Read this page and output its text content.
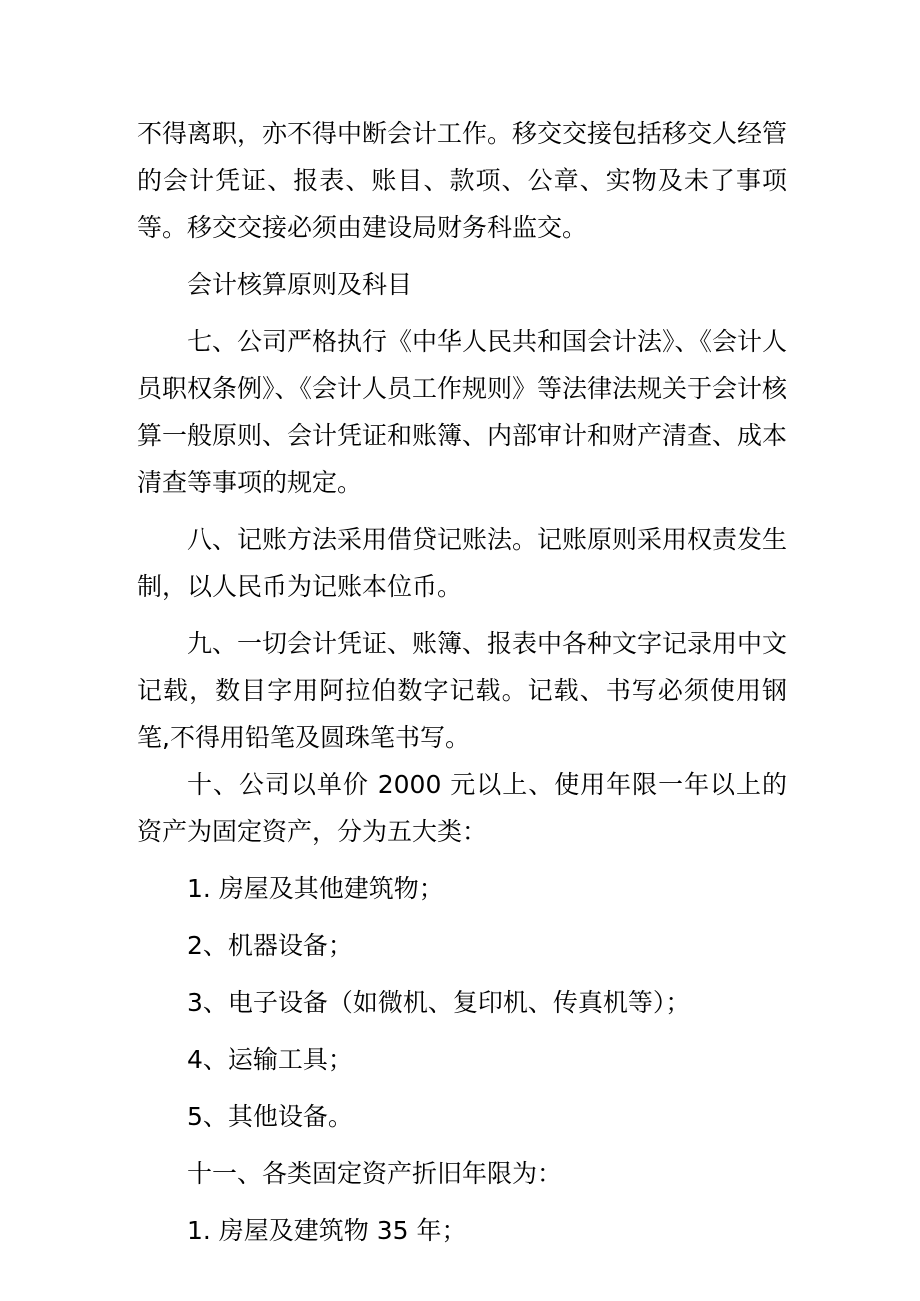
不得离职，亦不得中断会计工作。移交交接包括移交人经管的会计凭证、报表、账目、款项、公章、实物及未了事项等。移交交接必须由建设局财务科监交。

会计核算原则及科目

七、公司严格执行《中华人民共和国会计法》、《会计人员职权条例》、《会计人员工作规则》等法律法规关于会计核算一般原则、会计凭证和账簿、内部审计和财产清查、成本清查等事项的规定。

八、记账方法采用借贷记账法。记账原则采用权责发生制，以人民币为记账本位币。

九、一切会计凭证、账簿、报表中各种文字记录用中文记载，数目字用阿拉伯数字记载。记载、书写必须使用钢笔,不得用铅笔及圆珠笔书写。

十、公司以单价 2000 元以上、使用年限一年以上的资产为固定资产，分为五大类：

1. 房屋及其他建筑物；

2、机器设备；

3、电子设备（如微机、复印机、传真机等）；

4、运输工具；

5、其他设备。

十一、各类固定资产折旧年限为：

1. 房屋及建筑物 35 年；
